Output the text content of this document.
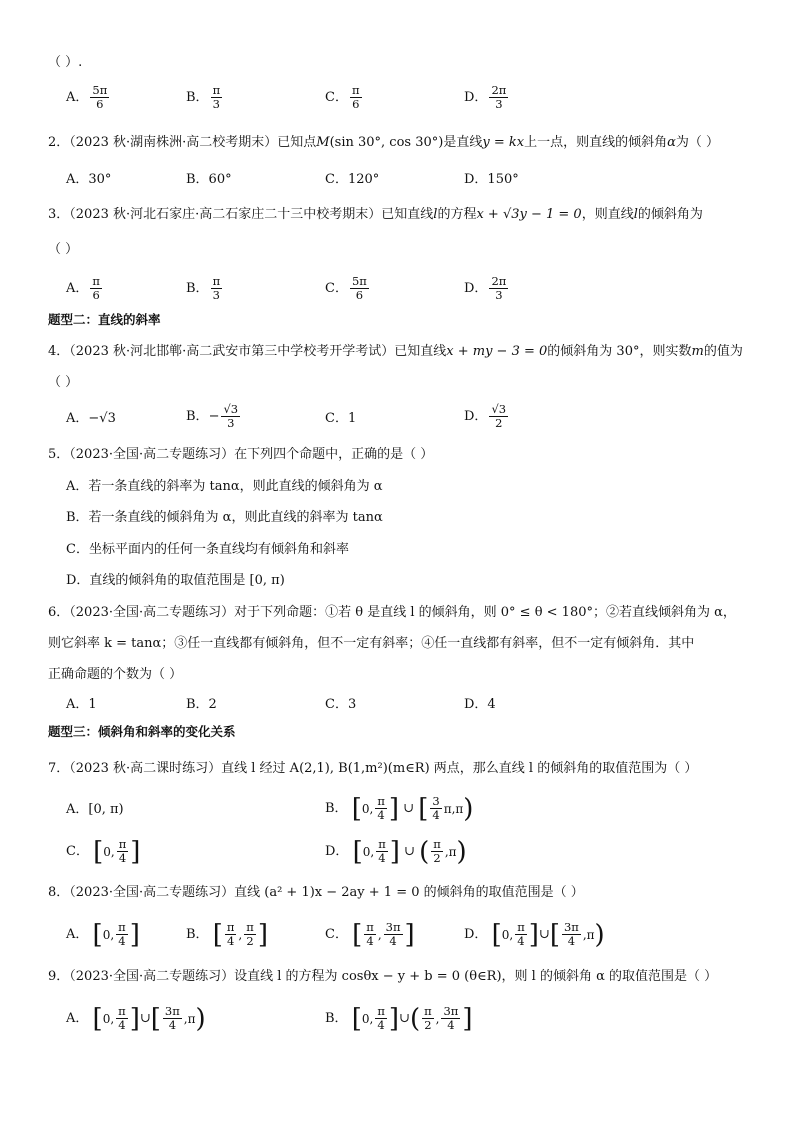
（ ）.
A． $\frac{5\pi}{6}$	B． $\frac{\pi}{3}$	C． $\frac{\pi}{6}$	D． $\frac{2\pi}{3}$
2．（2023 秋·湖南株洲·高二校考期末）已知点M(sin 30°, cos 30°)是直线y = kx上一点，则直线的倾斜角α为（ ）
A．30°	B．60°	C．120°	D．150°
3．（2023 秋·河北石家庄·高二石家庄二十三中校考期末）已知直线l的方程x + √3y − 1 = 0，则直线l的倾斜角为
（ ）
A． $\frac{\pi}{6}$	B． $\frac{\pi}{3}$	C． $\frac{5\pi}{6}$	D． $\frac{2\pi}{3}$
题型二：直线的斜率
4．（2023 秋·河北邯郸·高二武安市第三中学校考开学考试）已知直线x + my − 3 = 0的倾斜角为 30°，则实数m的值为
（ ）
A．−√3	B．− $\frac{√3}{3}$	C．1	D． $\frac{√3}{2}$
5．（2023·全国·高二专题练习）在下列四个命题中，正确的是（ ）
A．若一条直线的斜率为 tanα，则此直线的倾斜角为 α
B．若一条直线的倾斜角为 α，则此直线的斜率为 tanα
C．坐标平面内的任何一条直线均有倾斜角和斜率
D．直线的倾斜角的取值范围是 [0, π)
6．（2023·全国·高二专题练习）对于下列命题：①若 θ 是直线 l 的倾斜角，则 0° ≤ θ < 180°；②若直线倾斜角为 α，
则它斜率 k = tanα；③任一直线都有倾斜角，但不一定有斜率；④任一直线都有斜率，但不一定有倾斜角．其中
正确命题的个数为（ ）
A．1	B．2	C．3	D．4
题型三：倾斜角和斜率的变化关系
7．（2023 秋·高二课时练习）直线 l 经过 A(2,1), B(1,m²)(m∈R) 两点，那么直线 l 的倾斜角的取值范围为（ ）
A．[0, π)	B． [ 0, $\frac{\pi}{4}$ ] ∪ [ $\frac{3}{4} \pi,\pi$ )
C． [ 0, $\frac{\pi}{4}$ ]	D． [ 0, $\frac{\pi}{4}$ ] ∪ ( $\frac{\pi}{2} ,\pi$ )
8．（2023·全国·高二专题练习）直线 (a² + 1)x − 2ay + 1 = 0 的倾斜角的取值范围是（ ）
A． [ 0, $\frac{\pi}{4}$ ]	B． [ $\frac{\pi}{4}$ , $\frac{\pi}{2}$ ]	C． [ $\frac{\pi}{4}$ , $\frac{3\pi}{4}$ ]	D． [ 0, $\frac{\pi}{4}$ ] ∪ [ $\frac{3\pi}{4} ,\pi$ )
9．（2023·全国·高二专题练习）设直线 l 的方程为 cosθx − y + b = 0 (θ∈R)，则 l 的倾斜角 α 的取值范围是（ ）
A． [ 0, $\frac{\pi}{4}$ ] ∪ [ $\frac{3\pi}{4} ,\pi$ )	B． [ 0, $\frac{\pi}{4}$ ] ∪ ( $\frac{\pi}{2}$ , $\frac{3\pi}{4}$ ]
